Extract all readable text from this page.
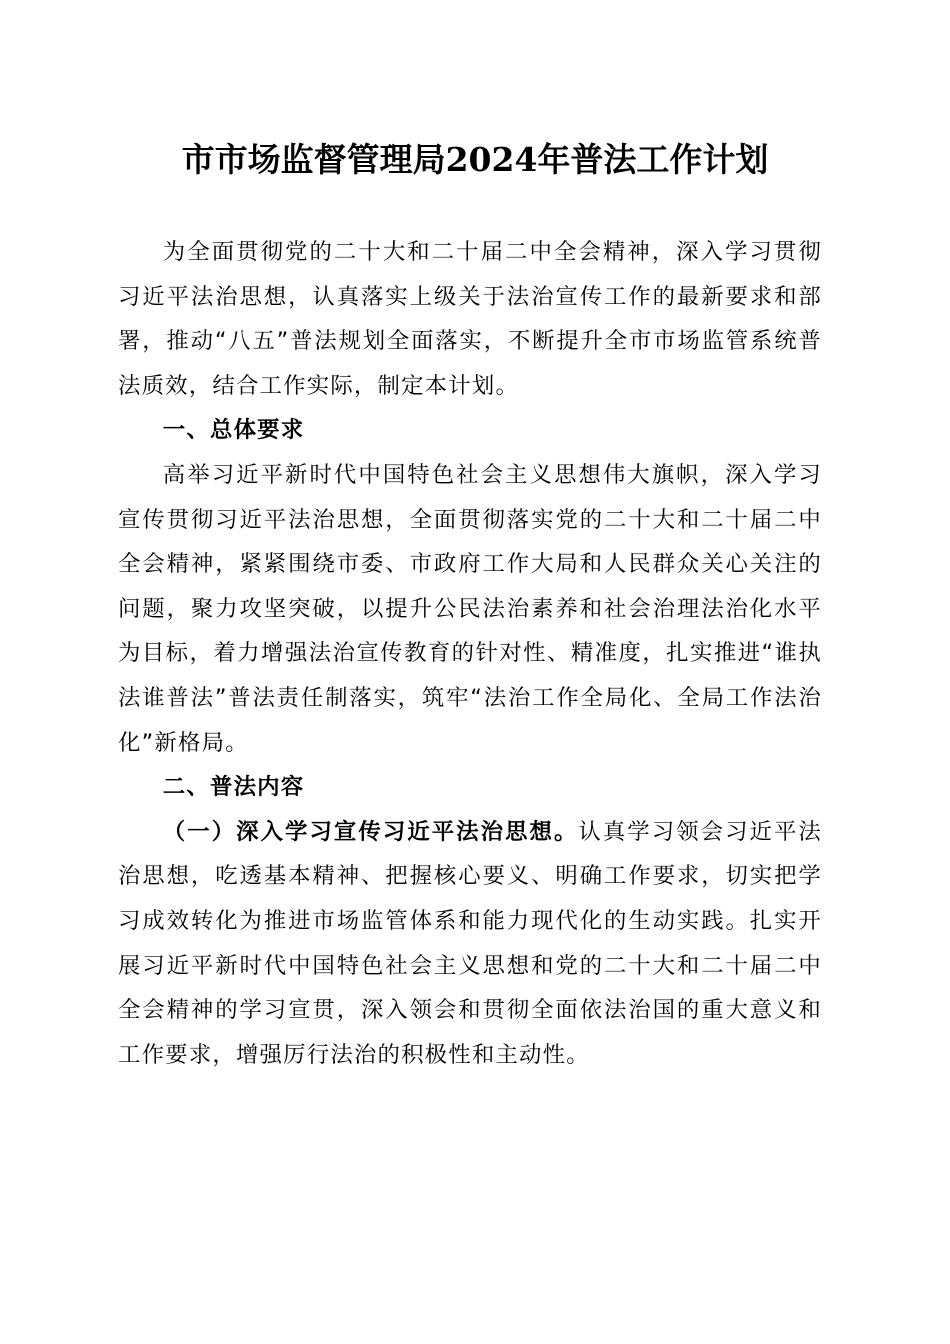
市市场监督管理局2024年普法工作计划

为全面贯彻党的二十大和二十届二中全会精神，深入学习贯彻习近平法治思想，认真落实上级关于法治宣传工作的最新要求和部署，推动“八五”普法规划全面落实，不断提升全市市场监管系统普法质效，结合工作实际，制定本计划。

一、总体要求

高举习近平新时代中国特色社会主义思想伟大旗帜，深入学习宣传贯彻习近平法治思想，全面贯彻落实党的二十大和二十届二中全会精神，紧紧围绕市委、市政府工作大局和人民群众关心关注的问题，聚力攻坚突破，以提升公民法治素养和社会治理法治化水平为目标，着力增强法治宣传教育的针对性、精准度，扎实推进“谁执法谁普法”普法责任制落实，筑牢“法治工作全局化、全局工作法治化”新格局。

二、普法内容

（一）深入学习宣传习近平法治思想。认真学习领会习近平法治思想，吃透基本精神、把握核心要义、明确工作要求，切实把学习成效转化为推进市场监管体系和能力现代化的生动实践。扎实开展习近平新时代中国特色社会主义思想和党的二十大和二十届二中全会精神的学习宣贯，深入领会和贯彻全面依法治国的重大意义和工作要求，增强厉行法治的积极性和主动性。
